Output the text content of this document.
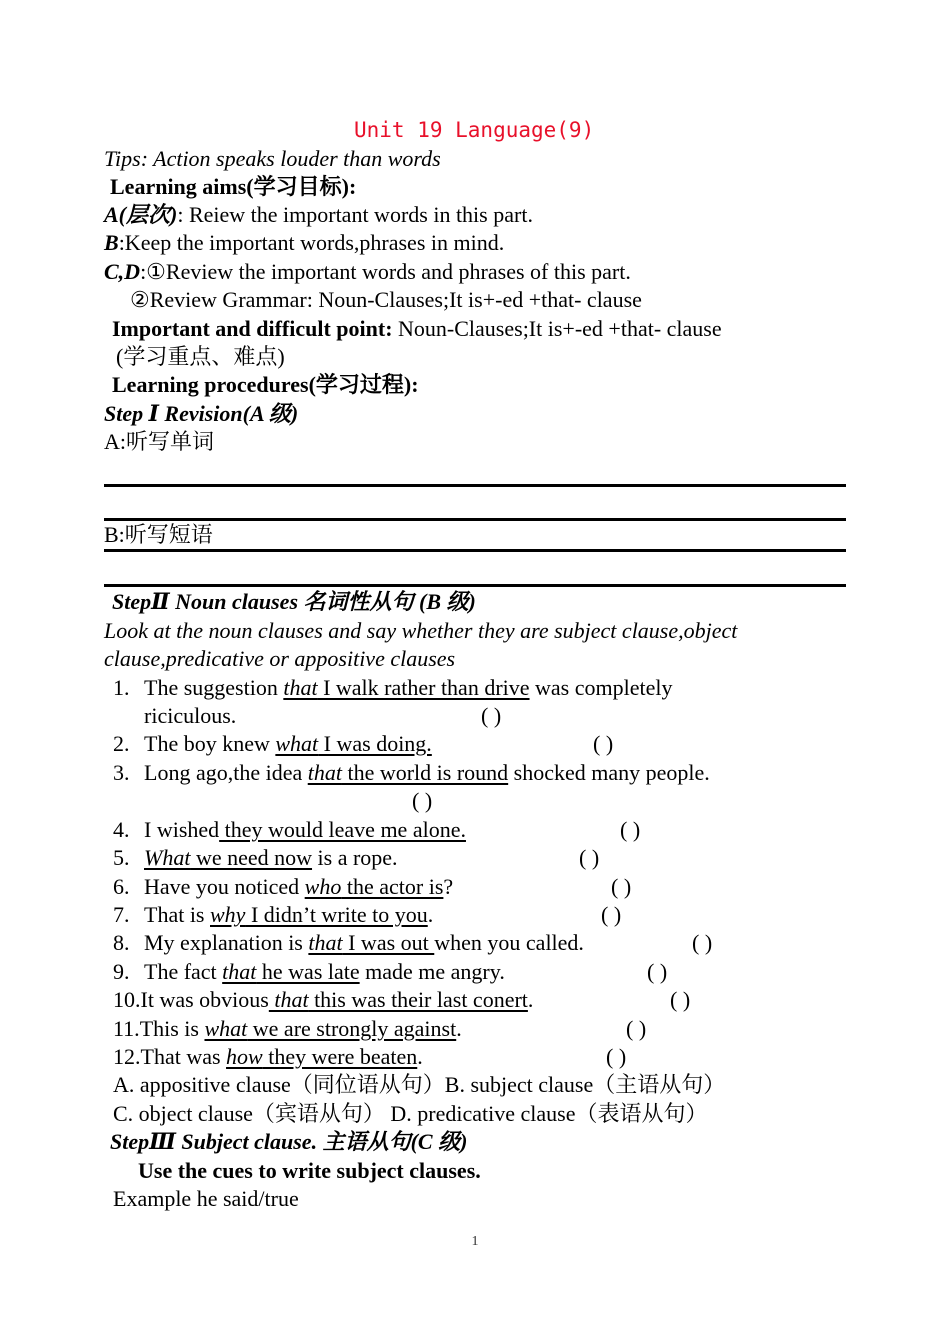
Unit 19 Language(9)
Tips: Action speaks louder than words
Learning aims(学习目标):
A(层次): Reiew the important words in this part.
B:Keep the important words,phrases in mind.
C,D:①Review the important words and phrases of this part.
②Review Grammar: Noun-Clauses;It is+-ed +that- clause
Important and difficult point: Noun-Clauses;It is+-ed +that- clause
(学习重点、难点)
Learning procedures(学习过程):
Step Ⅰ Revision(A 级)
A:听写单词
B:听写短语
StepⅡ Noun clauses 名词性从句 (B 级)
Look at the noun clauses and say whether they are subject clause,object
clause,predicative or appositive clauses
1. The suggestion that I walk rather than drive was completely
riciculous.	( )
2. The boy knew what I was doing.	( )
3. Long ago,the idea that the world is round shocked many people.
( )
4. I wished they would leave me alone.	( )
5. What we need now is a rope.	( )
6. Have you noticed who the actor is?	( )
7. That is why I didn’t write to you.	( )
8. My explanation is that I was out when you called.	( )
9. The fact that he was late made me angry.	( )
10.It was obvious that this was their last conert.	( )
11.This is what we are strongly against.	( )
12.That was how they were beaten.	( )
A. appositive clause（同位语从句）B. subject clause（主语从句）
C. object clause（宾语从句） D. predicative clause（表语从句）
StepⅢ Subject clause. 主语从句(C 级)
Use the cues to write subject clauses.
Example he said/true
1
